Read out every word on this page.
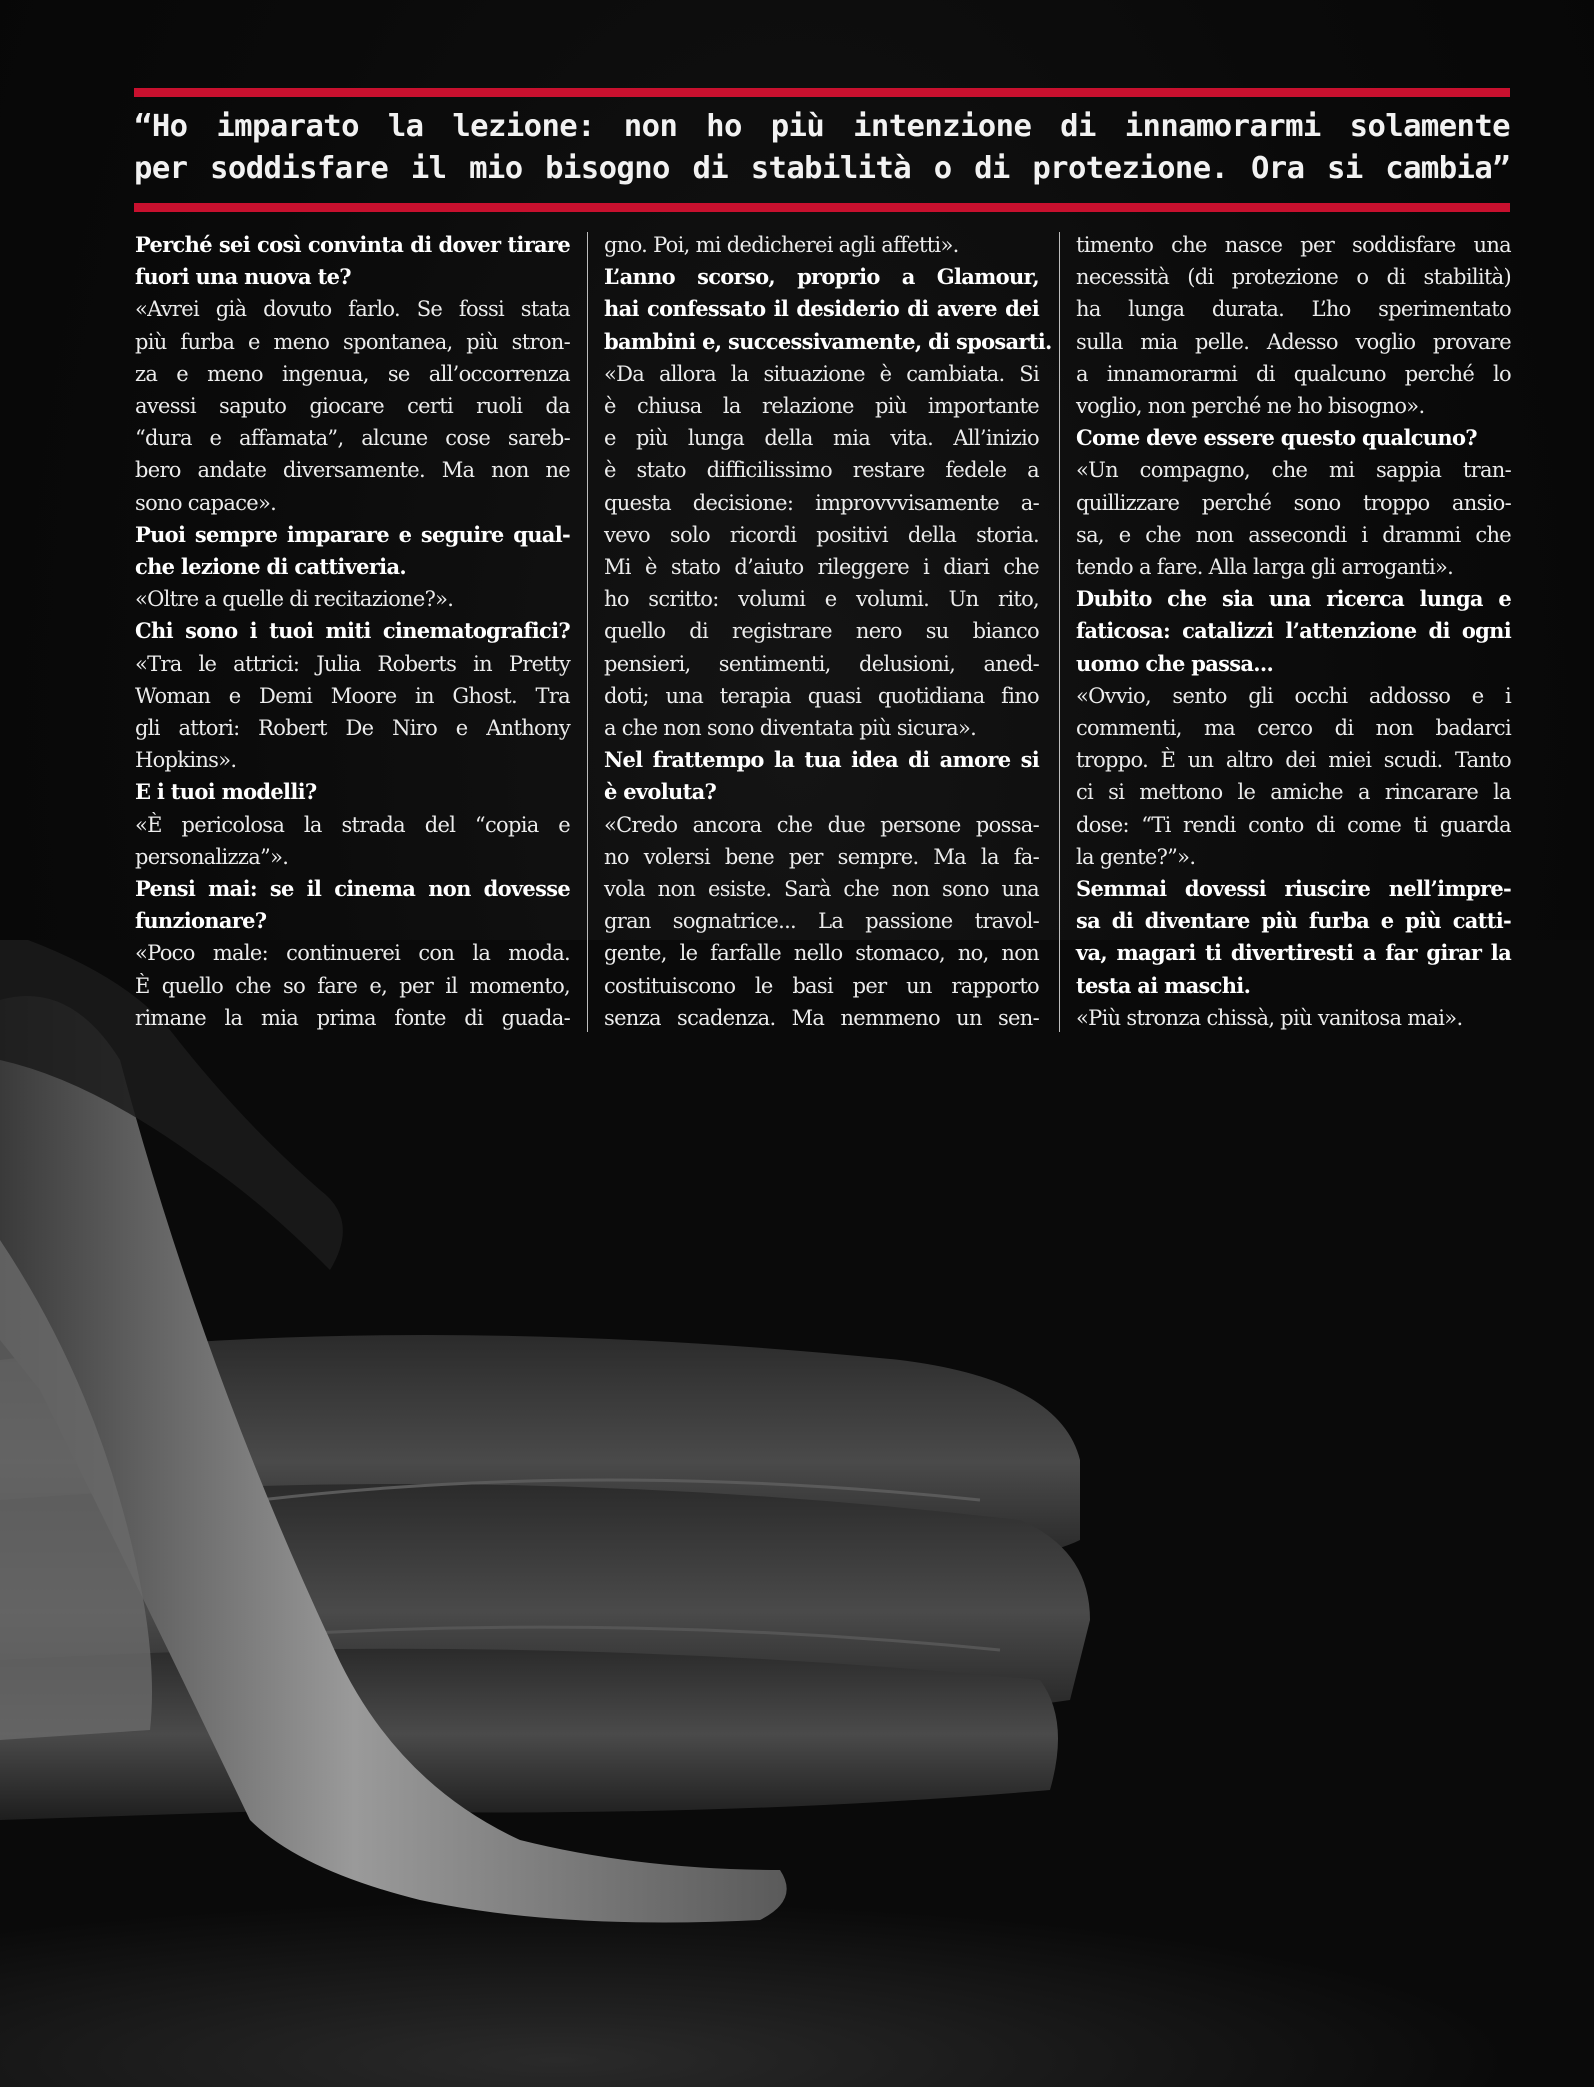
“Ho imparato la lezione: non ho più intenzione di innamorarmi solamente
per soddisfare il mio bisogno di stabilità o di protezione. Ora si cambia”

Perché sei così convinta di dover tirare
fuori una nuova te?
«Avrei già dovuto farlo. Se fossi stata
più furba e meno spontanea, più stron-
za e meno ingenua, se all’occorrenza
avessi saputo giocare certi ruoli da
“dura e affamata”, alcune cose sareb-
bero andate diversamente. Ma non ne
sono capace».
Puoi sempre imparare e seguire qual-
che lezione di cattiveria.
«Oltre a quelle di recitazione?».
Chi sono i tuoi miti cinematografici?
«Tra le attrici: Julia Roberts in Pretty
Woman e Demi Moore in Ghost. Tra
gli attori: Robert De Niro e Anthony
Hopkins».
E i tuoi modelli?
«È pericolosa la strada del “copia e
personalizza”».
Pensi mai: se il cinema non dovesse
funzionare?
«Poco male: continuerei con la moda.
È quello che so fare e, per il momento,
rimane la mia prima fonte di guada-
gno. Poi, mi dedicherei agli affetti».
L’anno scorso, proprio a Glamour,
hai confessato il desiderio di avere dei
bambini e, successivamente, di sposarti.
«Da allora la situazione è cambiata. Si
è chiusa la relazione più importante
e più lunga della mia vita. All’inizio
è stato difficilissimo restare fedele a
questa decisione: improvvvisamente a-
vevo solo ricordi positivi della storia.
Mi è stato d’aiuto rileggere i diari che
ho scritto: volumi e volumi. Un rito,
quello di registrare nero su bianco
pensieri, sentimenti, delusioni, aned-
doti; una terapia quasi quotidiana fino
a che non sono diventata più sicura».
Nel frattempo la tua idea di amore si
è evoluta?
«Credo ancora che due persone possa-
no volersi bene per sempre. Ma la fa-
vola non esiste. Sarà che non sono una
gran sognatrice... La passione travol-
gente, le farfalle nello stomaco, no, non
costituiscono le basi per un rapporto
senza scadenza. Ma nemmeno un sen-
timento che nasce per soddisfare una
necessità (di protezione o di stabilità)
ha lunga durata. L’ho sperimentato
sulla mia pelle. Adesso voglio provare
a innamorarmi di qualcuno perché lo
voglio, non perché ne ho bisogno».
Come deve essere questo qualcuno?
«Un compagno, che mi sappia tran-
quillizzare perché sono troppo ansio-
sa, e che non assecondi i drammi che
tendo a fare. Alla larga gli arroganti».
Dubito che sia una ricerca lunga e
faticosa: catalizzi l’attenzione di ogni
uomo che passa...
«Ovvio, sento gli occhi addosso e i
commenti, ma cerco di non badarci
troppo. È un altro dei miei scudi. Tanto
ci si mettono le amiche a rincarare la
dose: “Ti rendi conto di come ti guarda
la gente?”».
Semmai dovessi riuscire nell’impre-
sa di diventare più furba e più catti-
va, magari ti divertiresti a far girar la
testa ai maschi.
«Più stronza chissà, più vanitosa mai».
